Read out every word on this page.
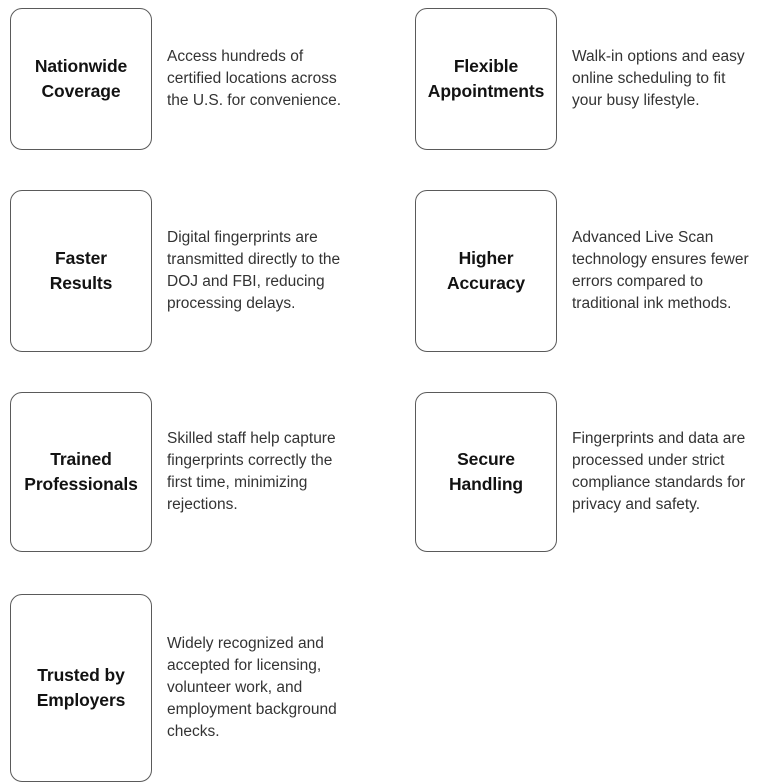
Nationwide
Coverage
Access hundreds of certified locations across the U.S. for convenience.
Flexible
Appointments
Walk-in options and easy online scheduling to fit your busy lifestyle.
Faster
Results
Digital fingerprints are transmitted directly to the DOJ and FBI, reducing processing delays.
Higher
Accuracy
Advanced Live Scan technology ensures fewer errors compared to traditional ink methods.
Trained
Professionals
Skilled staff help capture fingerprints correctly the first time, minimizing rejections.
Secure
Handling
Fingerprints and data are processed under strict compliance standards for privacy and safety.
Trusted by
Employers
Widely recognized and accepted for licensing, volunteer work, and employment background checks.
